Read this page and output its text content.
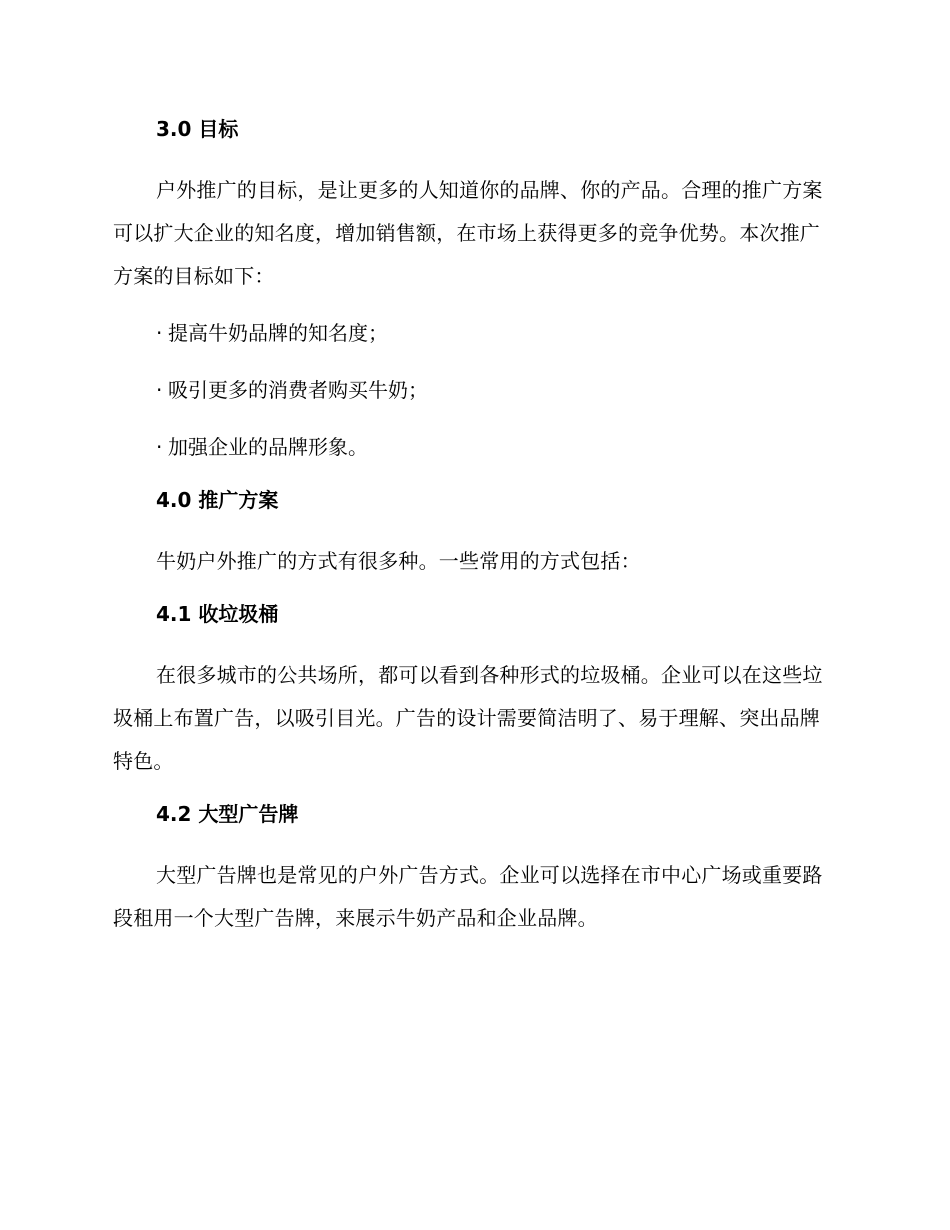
3.0 目标

户外推广的目标，是让更多的人知道你的品牌、你的产品。合理的推广方案可以扩大企业的知名度，增加销售额，在市场上获得更多的竞争优势。本次推广方案的目标如下：

· 提高牛奶品牌的知名度；
· 吸引更多的消费者购买牛奶；
· 加强企业的品牌形象。
4.0 推广方案

牛奶户外推广的方式有很多种。一些常用的方式包括：

4.1 收垃圾桶

在很多城市的公共场所，都可以看到各种形式的垃圾桶。企业可以在这些垃圾桶上布置广告，以吸引目光。广告的设计需要简洁明了、易于理解、突出品牌特色。

4.2 大型广告牌

大型广告牌也是常见的户外广告方式。企业可以选择在市中心广场或重要路段租用一个大型广告牌，来展示牛奶产品和企业品牌。
